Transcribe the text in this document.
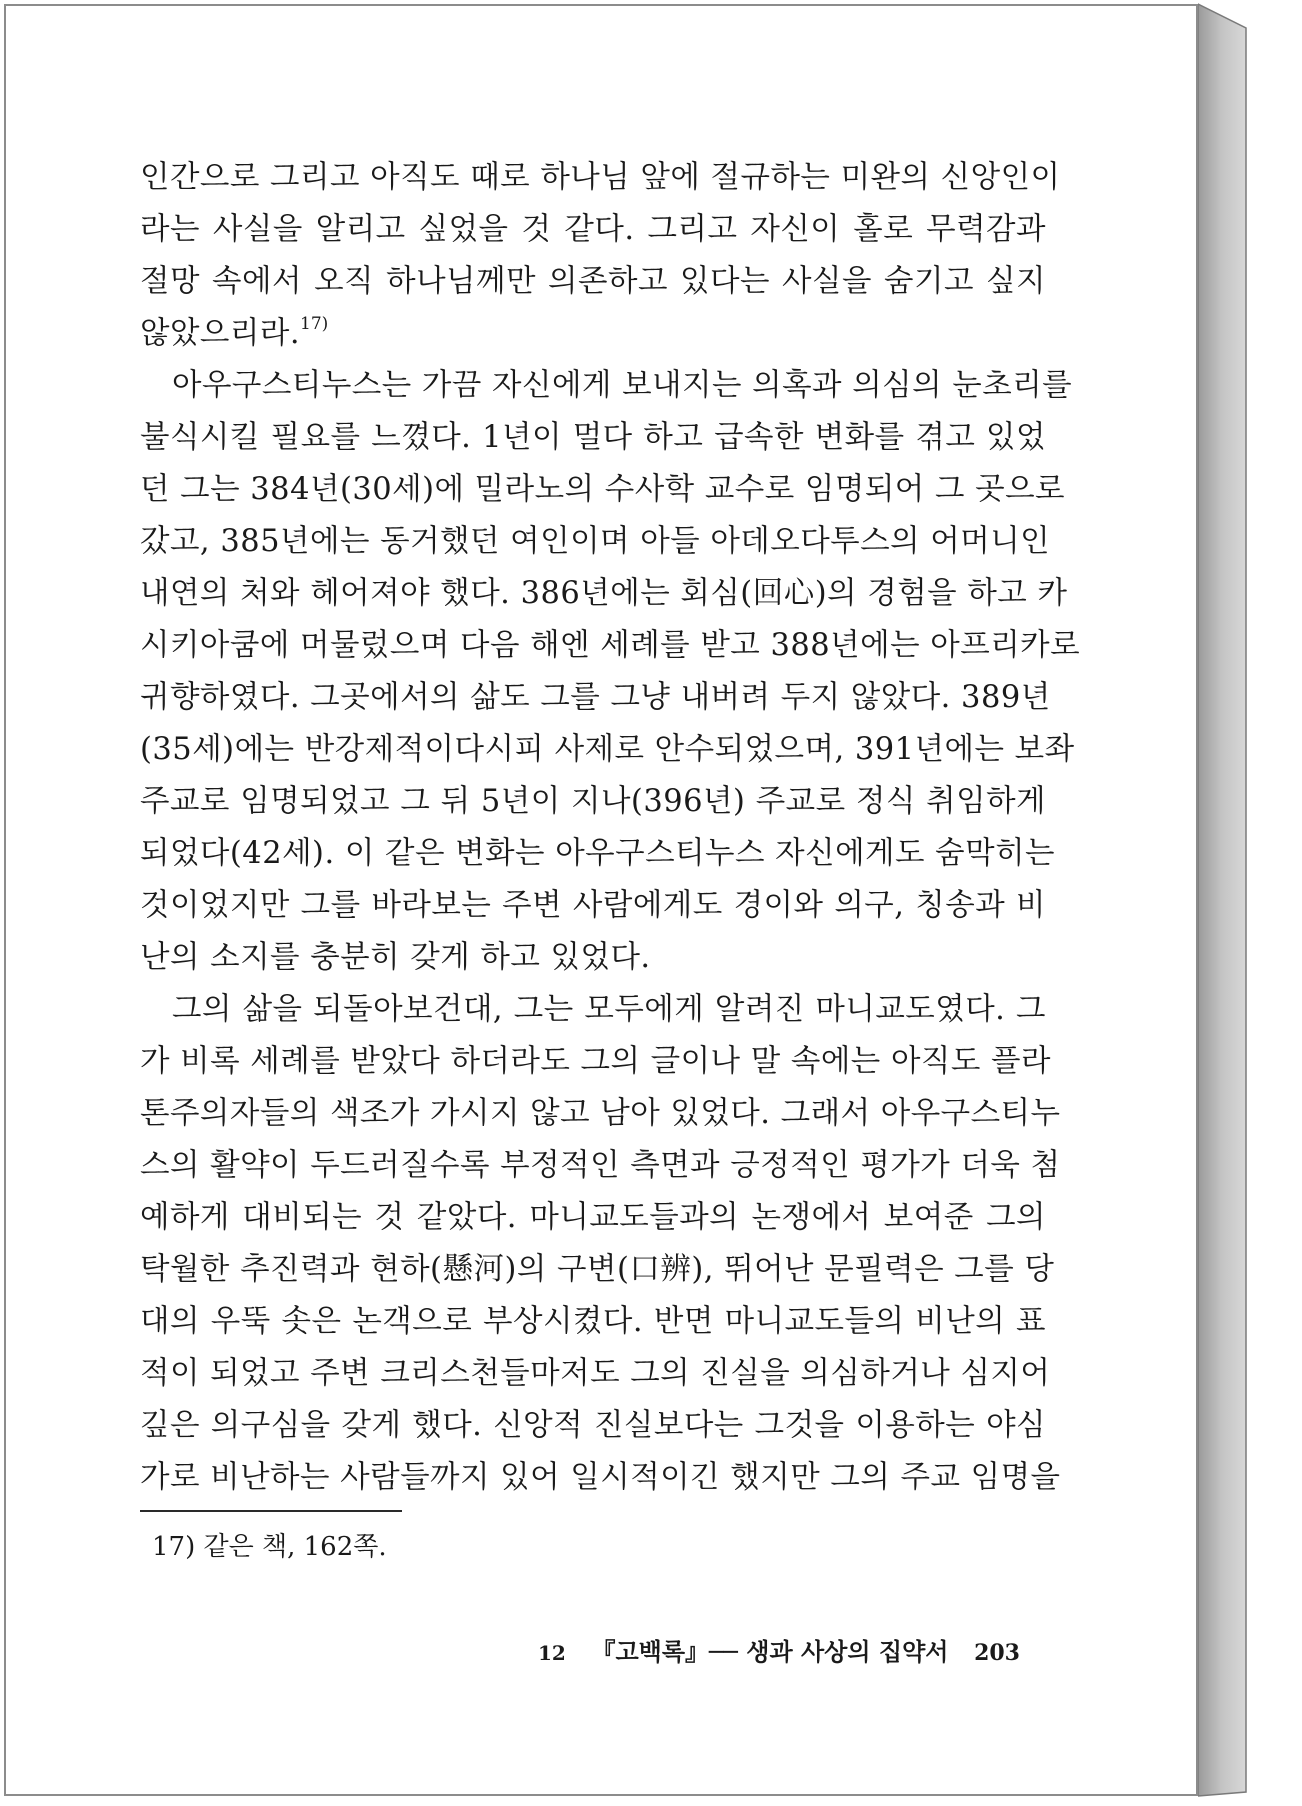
인간으로 그리고 아직도 때로 하나님 앞에 절규하는 미완의 신앙인이
라는 사실을 알리고 싶었을 것 같다. 그리고 자신이 홀로 무력감과
절망 속에서 오직 하나님께만 의존하고 있다는 사실을 숨기고 싶지
않았으리라.$^{17)}$
아우구스티누스는 가끔 자신에게 보내지는 의혹과 의심의 눈초리를
불식시킬 필요를 느꼈다. 1년이 멀다 하고 급속한 변화를 겪고 있었
던 그는 384년(30세)에 밀라노의 수사학 교수로 임명되어 그 곳으로
갔고, 385년에는 동거했던 여인이며 아들 아데오다투스의 어머니인
내연의 처와 헤어져야 했다. 386년에는 회심(回心)의 경험을 하고 카
시키아쿰에 머물렀으며 다음 해엔 세례를 받고 388년에는 아프리카로
귀향하였다. 그곳에서의 삶도 그를 그냥 내버려 두지 않았다. 389년
(35세)에는 반강제적이다시피 사제로 안수되었으며, 391년에는 보좌
주교로 임명되었고 그 뒤 5년이 지나(396년) 주교로 정식 취임하게
되었다(42세). 이 같은 변화는 아우구스티누스 자신에게도 숨막히는
것이었지만 그를 바라보는 주변 사람에게도 경이와 의구, 칭송과 비
난의 소지를 충분히 갖게 하고 있었다.
그의 삶을 되돌아보건대, 그는 모두에게 알려진 마니교도였다. 그
가 비록 세례를 받았다 하더라도 그의 글이나 말 속에는 아직도 플라
톤주의자들의 색조가 가시지 않고 남아 있었다. 그래서 아우구스티누
스의 활약이 두드러질수록 부정적인 측면과 긍정적인 평가가 더욱 첨
예하게 대비되는 것 같았다. 마니교도들과의 논쟁에서 보여준 그의
탁월한 추진력과 현하(懸河)의 구변(口辨), 뛰어난 문필력은 그를 당
대의 우뚝 솟은 논객으로 부상시켰다. 반면 마니교도들의 비난의 표
적이 되었고 주변 크리스천들마저도 그의 진실을 의심하거나 심지어
깊은 의구심을 갖게 했다. 신앙적 진실보다는 그것을 이용하는 야심
가로 비난하는 사람들까지 있어 일시적이긴 했지만 그의 주교 임명을
17) 같은 책, 162쪽.
12 『고백록』── 생과 사상의 집약서 203
